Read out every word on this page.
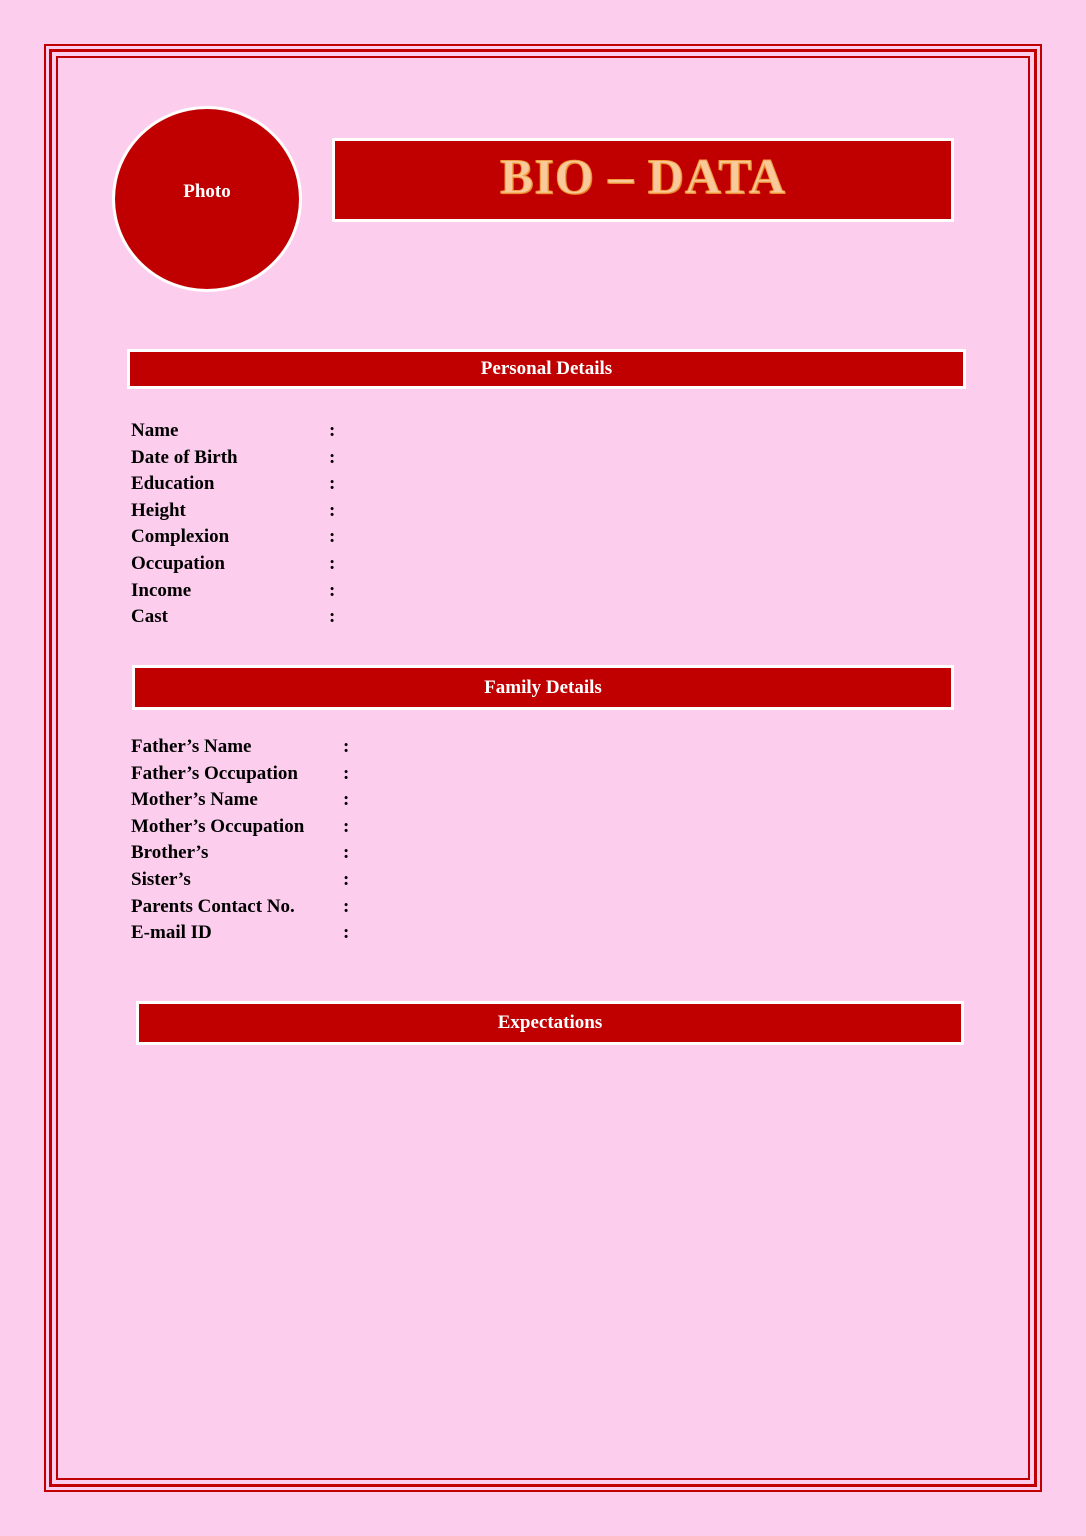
Photo	BIO – DATA
Personal Details
Name	:
Date of Birth	:
Education	:
Height	:
Complexion	:
Occupation	:
Income	:
Cast	:
Family Details
Father’s Name	:
Father’s Occupation :
Mother’s Name	:
Mother’s Occupation :
Brother’s	:
Sister’s	:
Parents Contact No.	:
E-mail ID	:
Expectations
